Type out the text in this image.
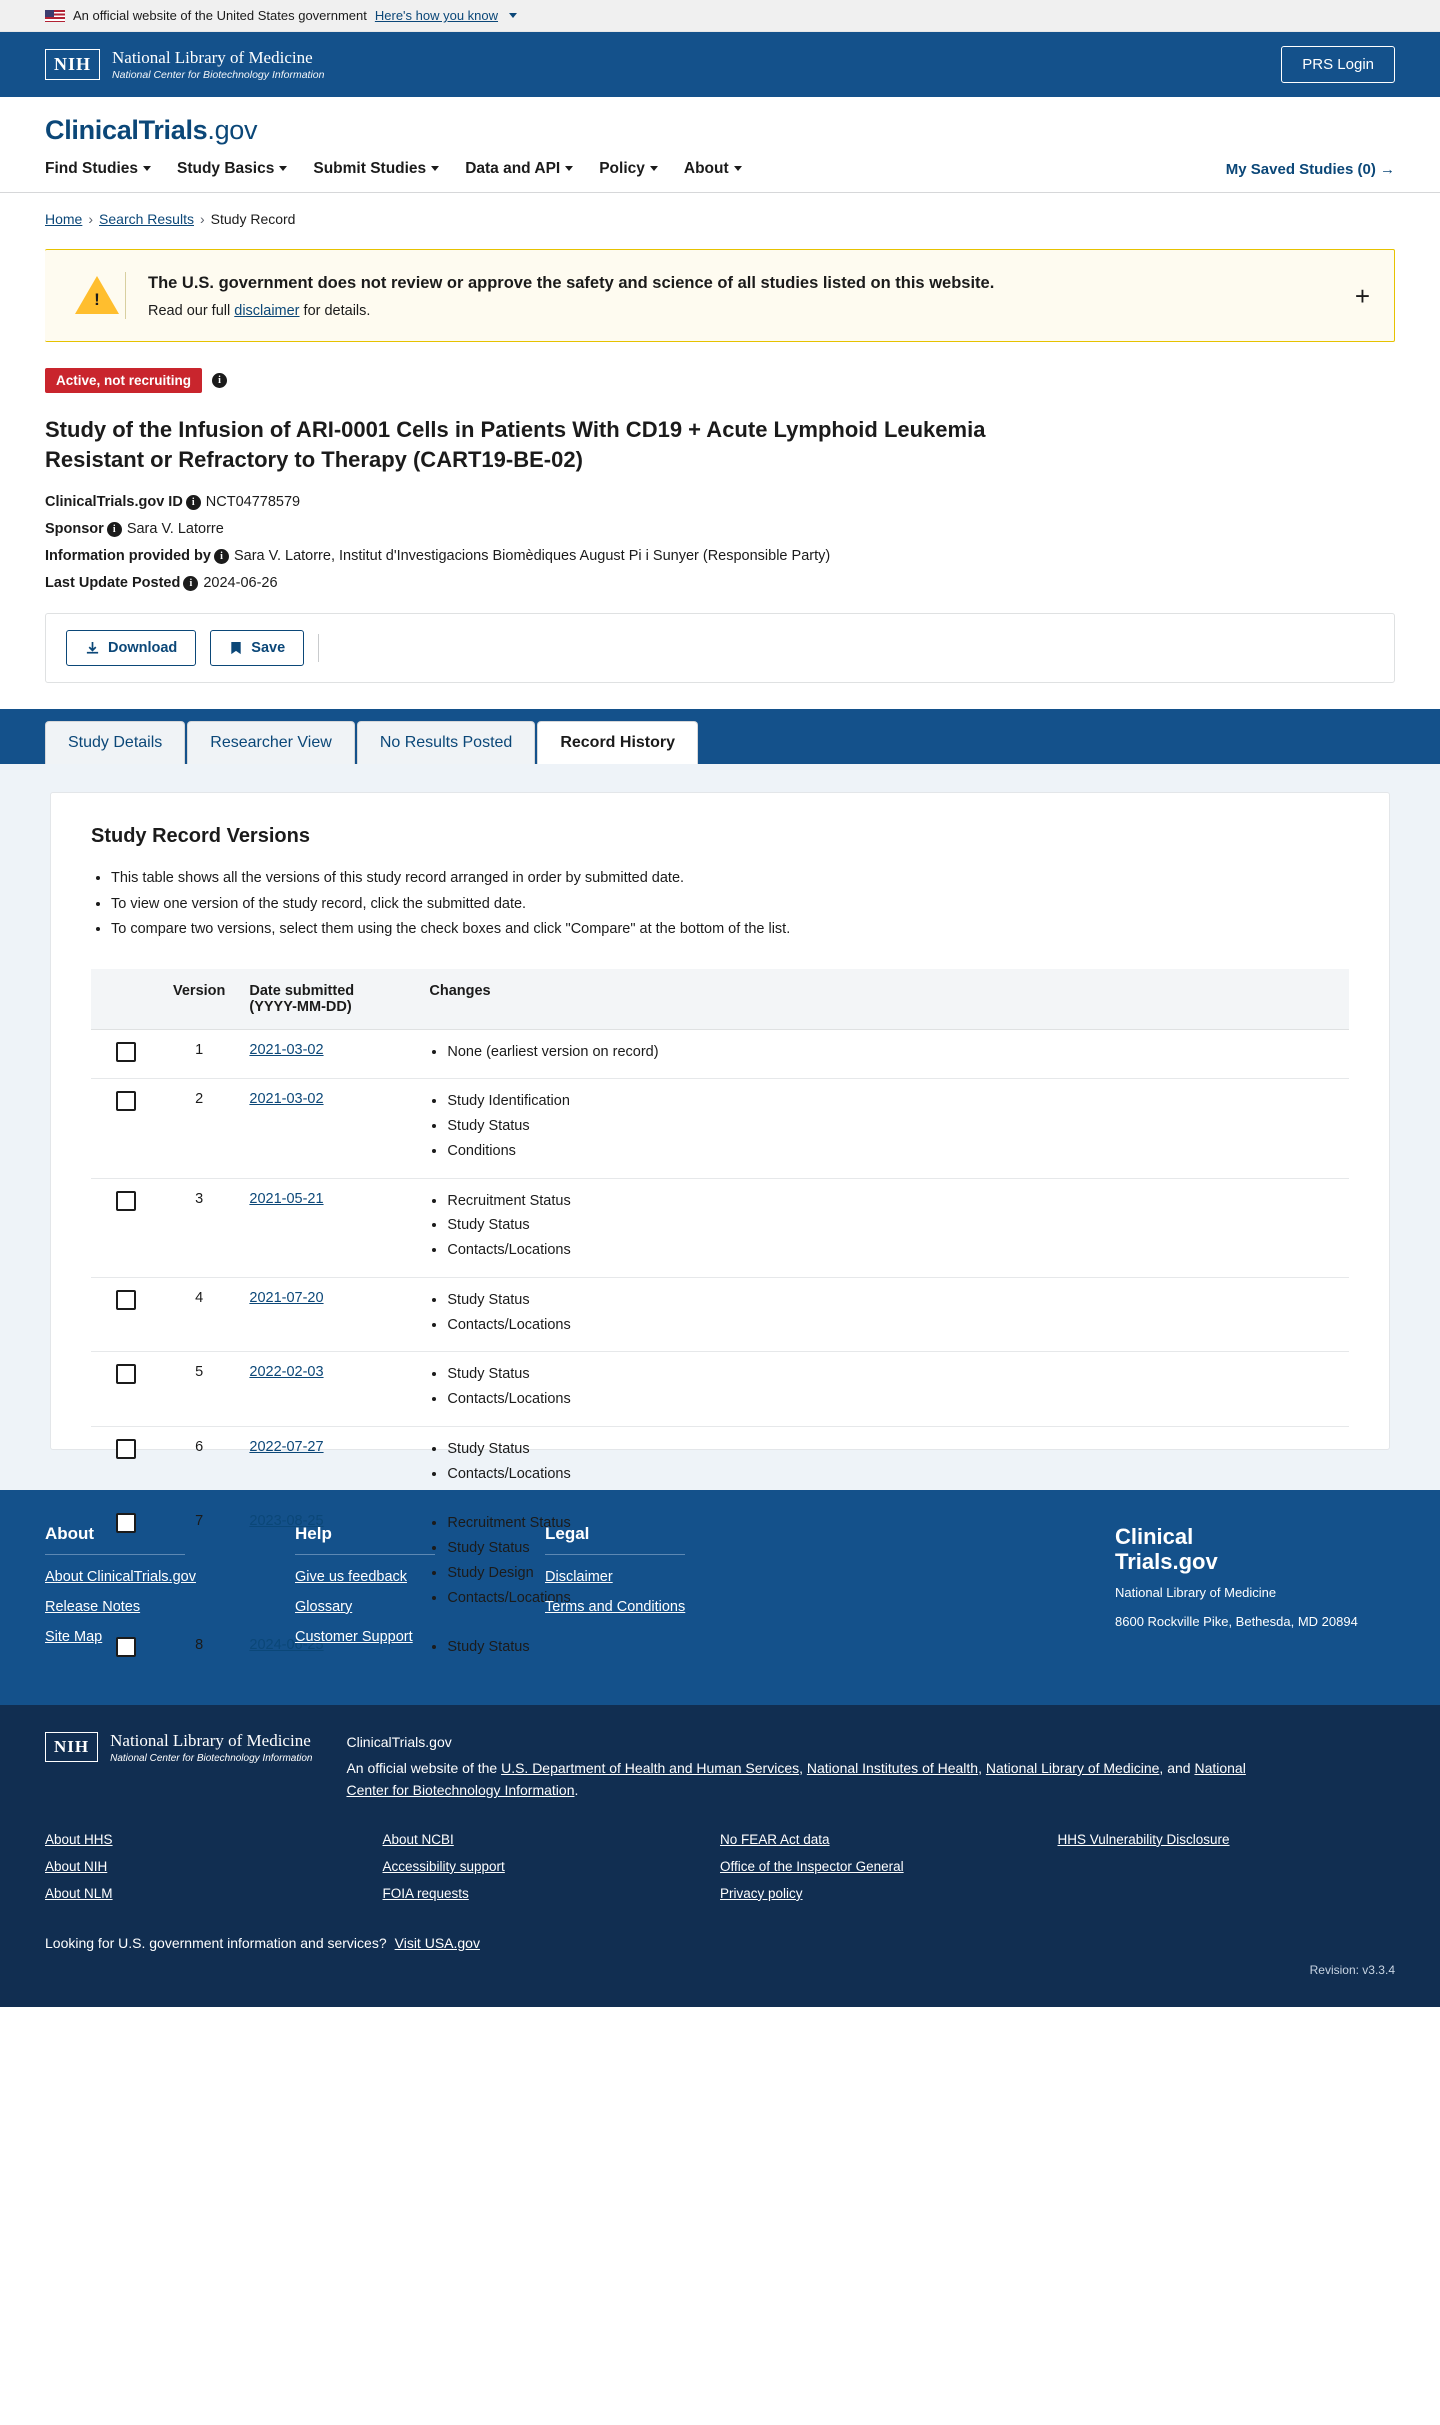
An official website of the United States government Here's how you know
NIH	National Library of Medicine
National Center for Biotechnology Information
PRS Login
ClinicalTrials.gov
Find Studies	Study Basics	Submit Studies	Data and API	Policy	About	My Saved Studies (0) →
Home › Search Results › Study Record
!
The U.S. government does not review or approve the safety and science of all studies listed on this website.
Read our full disclaimer for details.
+
Active, not recruiting	i
Study of the Infusion of ARI-0001 Cells in Patients With CD19 + Acute Lymphoid Leukemia Resistant or Refractory to Therapy (CART19-BE-02)
ClinicalTrials.gov ID i NCT04778579
Sponsor i Sara V. Latorre
Information provided by i Sara V. Latorre, Institut d'Investigacions Biomèdiques August Pi i Sunyer (Responsible Party)
Last Update Posted i 2024-06-26
Download	Save
Study Details	Researcher View	No Results Posted	Record History
Study Record Versions
• This table shows all the versions of this study record arranged in order by submitted date.
• To view one version of the study record, click the submitted date.
• To compare two versions, select them using the check boxes and click "Compare" at the bottom of the list.
	Version	Date submitted
(YYYY-MM-DD)	Changes
	1	2021-03-02	
•None (earliest version on record)

	2	2021-03-02	
•Study Identification
• Study Status
• Conditions

	3	2021-05-21	
•Recruitment Status
• Study Status
• Contacts/Locations

	4	2021-07-20	
•Study Status
• Contacts/Locations

	5	2022-02-03	
•Study Status
• Contacts/Locations

	6	2022-07-27	
•Study Status
• Contacts/Locations

	7	2023-08-25	
•Recruitment Status
• Study Status
• Study Design
• Contacts/Locations

	8	2024-06-25	
•Study Status

About
About ClinicalTrials.gov
Release Notes
Site Map
Help
Give us feedback
Glossary
Customer Support
Legal
Disclaimer
Terms and Conditions
Clinical
Trials.gov

National Library of Medicine

8600 Rockville Pike, Bethesda, MD 20894

NIH	National Library of Medicine
National Center for Biotechnology Information
ClinicalTrials.gov
An official website of the U.S. Department of Health and Human Services, National Institutes of Health, National Library of Medicine, and National Center for Biotechnology Information.
About HHS
About NIH
About NLM
About NCBI
Accessibility support
FOIA requests
No FEAR Act data
Office of the Inspector General
Privacy policy
HHS Vulnerability Disclosure
Looking for U.S. government information and services? Visit USA.gov
Revision: v3.3.4
